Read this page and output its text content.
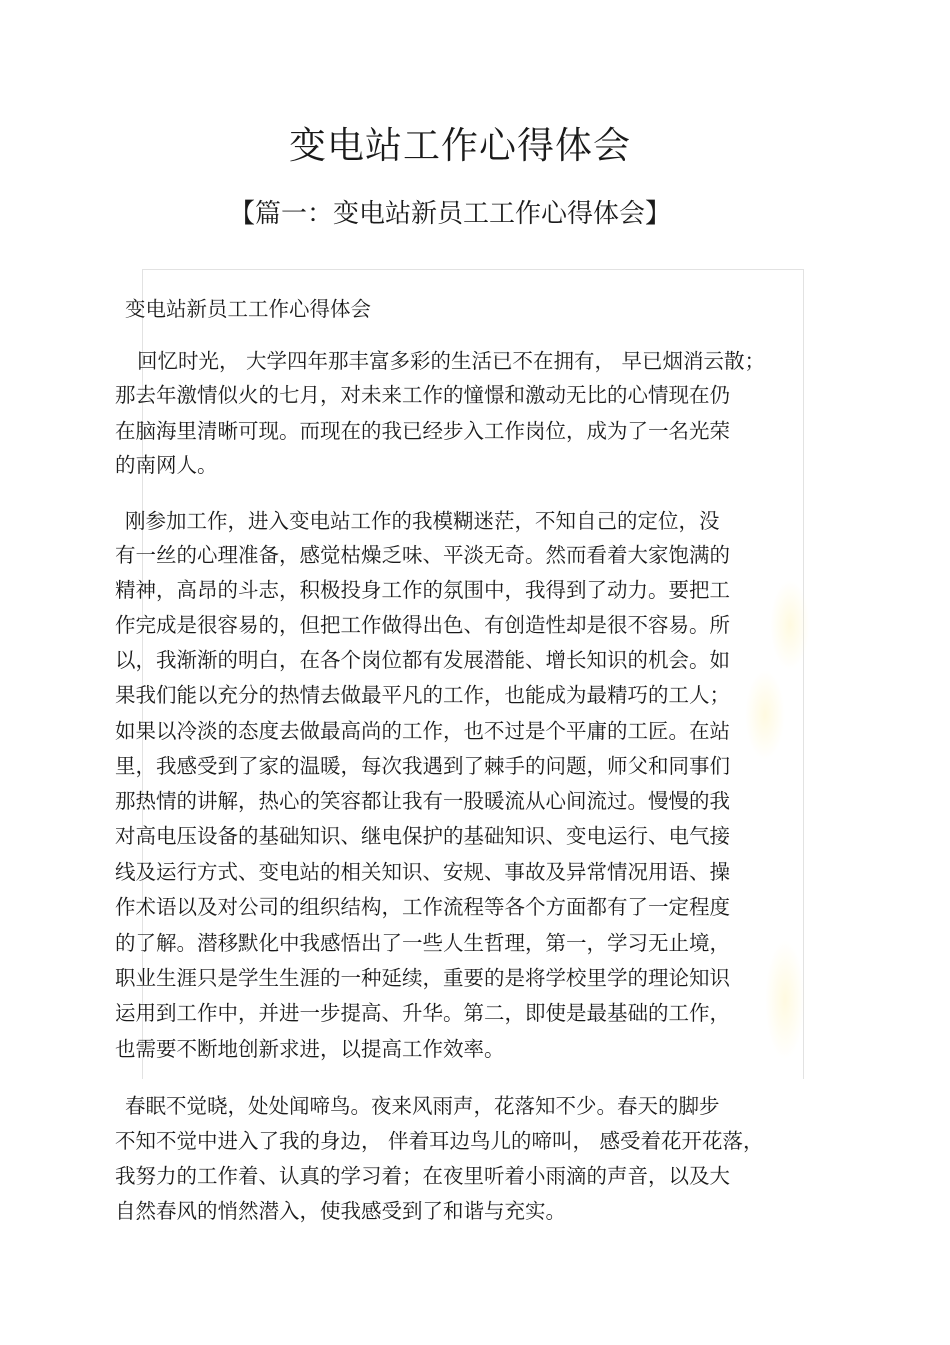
变电站工作心得体会
【篇一：变电站新员工工作心得体会】
变电站新员工工作心得体会
回忆时光， 大学四年那丰富多彩的生活已不在拥有， 早已烟消云散；
那去年激情似火的七月，对未来工作的憧憬和激动无比的心情现在仍
在脑海里清晰可现。而现在的我已经步入工作岗位，成为了一名光荣
的南网人。
刚参加工作，进入变电站工作的我模糊迷茫，不知自己的定位，没
有一丝的心理准备，感觉枯燥乏味、平淡无奇。然而看着大家饱满的
精神，高昂的斗志，积极投身工作的氛围中，我得到了动力。要把工
作完成是很容易的，但把工作做得出色、有创造性却是很不容易。所
以，我渐渐的明白，在各个岗位都有发展潜能、增长知识的机会。如
果我们能以充分的热情去做最平凡的工作，也能成为最精巧的工人；
如果以冷淡的态度去做最高尚的工作，也不过是个平庸的工匠。在站
里，我感受到了家的温暖，每次我遇到了棘手的问题，师父和同事们
那热情的讲解，热心的笑容都让我有一股暖流从心间流过。慢慢的我
对高电压设备的基础知识、继电保护的基础知识、变电运行、电气接
线及运行方式、变电站的相关知识、安规、事故及异常情况用语、操
作术语以及对公司的组织结构，工作流程等各个方面都有了一定程度
的了解。潜移默化中我感悟出了一些人生哲理，第一，学习无止境，
职业生涯只是学生生涯的一种延续，重要的是将学校里学的理论知识
运用到工作中，并进一步提高、升华。第二，即使是最基础的工作，
也需要不断地创新求进，以提高工作效率。
春眠不觉晓，处处闻啼鸟。夜来风雨声，花落知不少。春天的脚步
不知不觉中进入了我的身边， 伴着耳边鸟儿的啼叫， 感受着花开花落，
我努力的工作着、认真的学习着；在夜里听着小雨滴的声音，以及大
自然春风的悄然潜入，使我感受到了和谐与充实。
